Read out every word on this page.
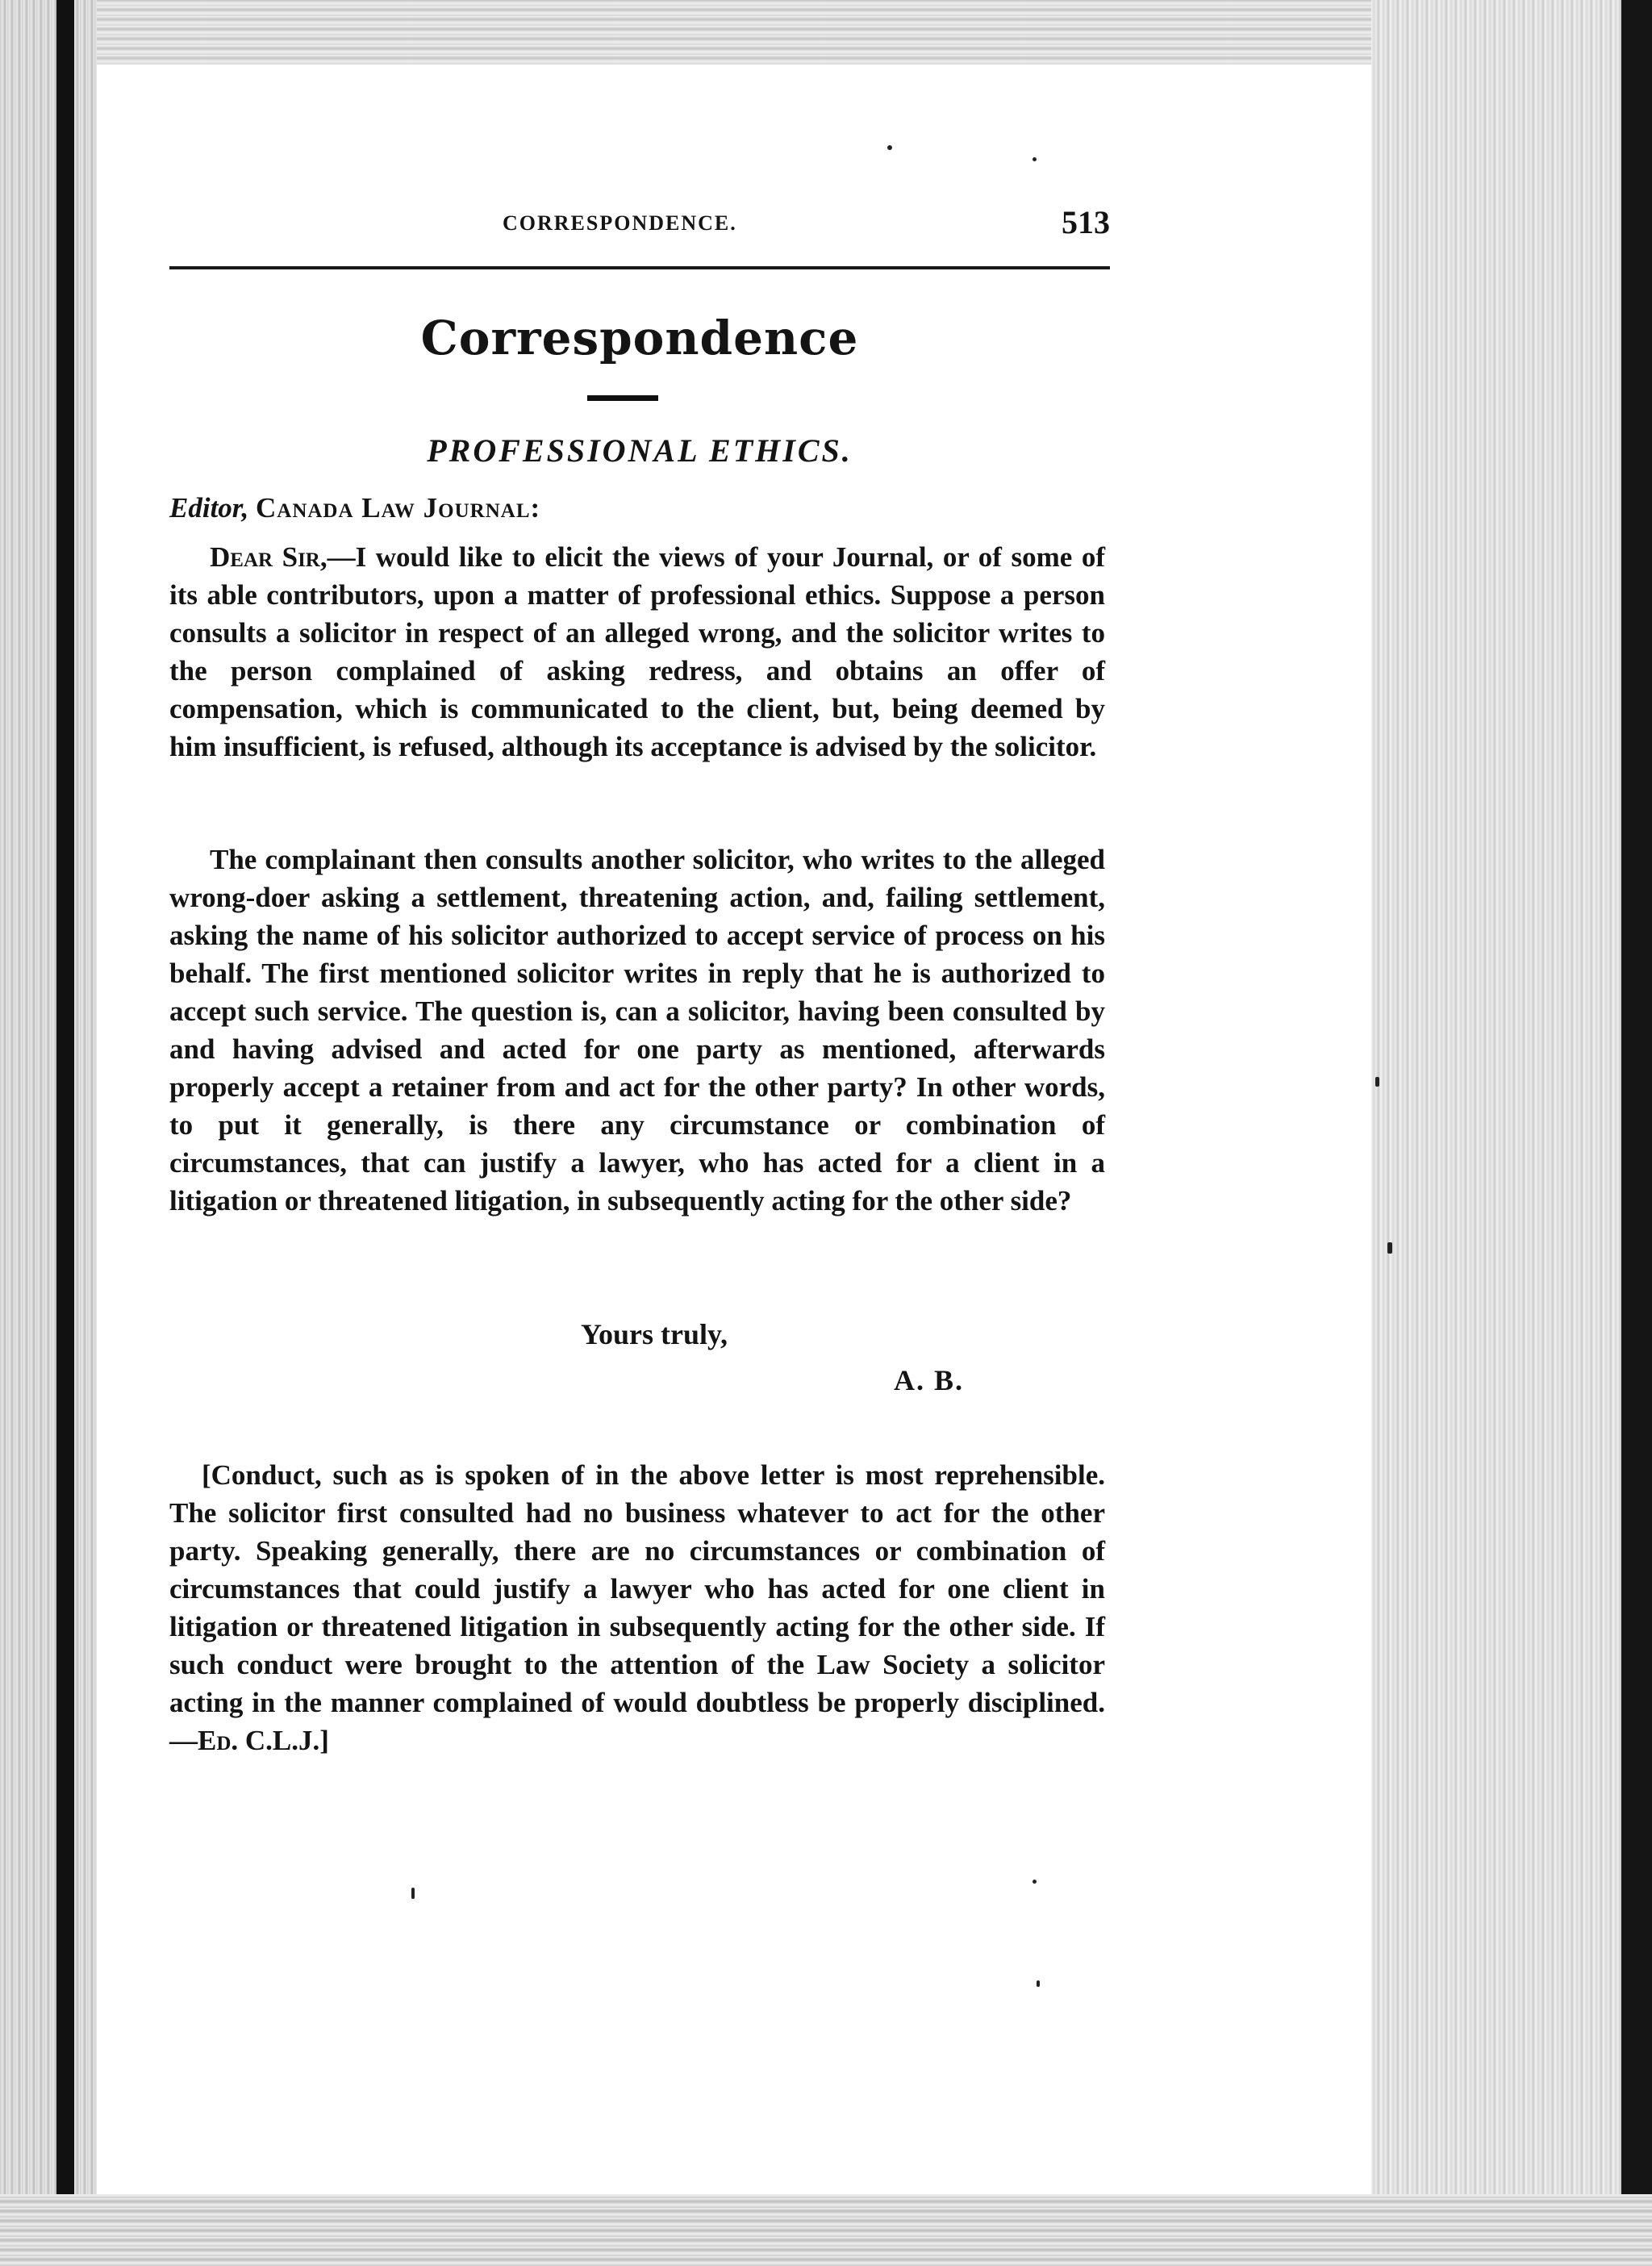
CORRESPONDENCE.	513
Correspondence
PROFESSIONAL ETHICS.
Editor, Canada Law Journal:

Dear Sir,—I would like to elicit the views of your Journal, or of some of its able contributors, upon a matter of professional ethics. Suppose a person consults a solicitor in respect of an alleged wrong, and the solicitor writes to the person complained of asking redress, and obtains an offer of compensation, which is communicated to the client, but, being deemed by him insufficient, is refused, although its acceptance is advised by the solicitor.

The complainant then consults another solicitor, who writes to the alleged wrong-doer asking a settlement, threatening action, and, failing settlement, asking the name of his solicitor authorized to accept service of process on his behalf. The first mentioned solicitor writes in reply that he is authorized to accept such service. The question is, can a solicitor, having been consulted by and having advised and acted for one party as mentioned, afterwards properly accept a retainer from and act for the other party? In other words, to put it generally, is there any circumstance or combination of circumstances, that can justify a lawyer, who has acted for a client in a litigation or threatened litigation, in subsequently acting for the other side?

Yours truly,
A. B.

[Conduct, such as is spoken of in the above letter is most reprehensible. The solicitor first consulted had no business whatever to act for the other party. Speaking generally, there are no circumstances or combination of circumstances that could justify a lawyer who has acted for one client in litigation or threatened litigation in subsequently acting for the other side. If such conduct were brought to the attention of the Law Society a solicitor acting in the manner complained of would doubtless be properly disciplined.—Ed. C.L.J.]
